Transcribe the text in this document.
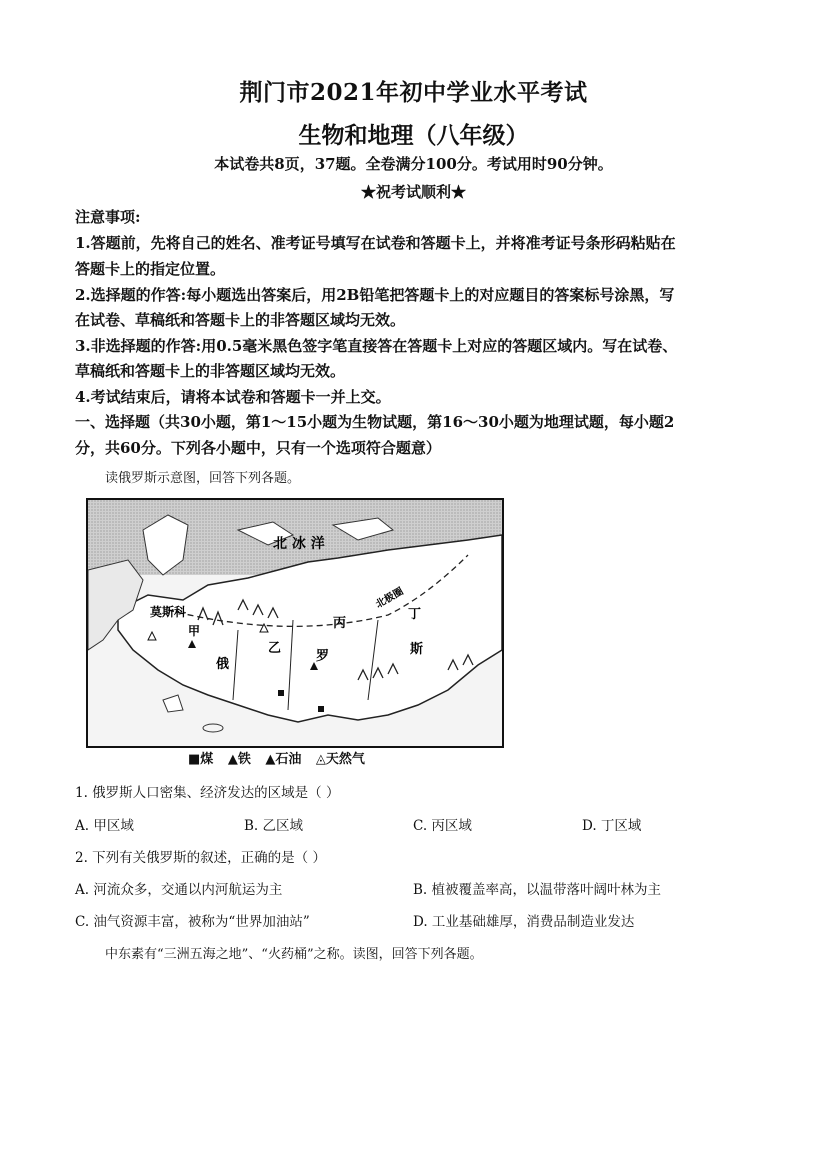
荆门市2021年初中学业水平考试
生物和地理（八年级）
本试卷共8页，37题。全卷满分100分。考试用时90分钟。
★祝考试顺利★
注意事项:
1.答题前，先将自己的姓名、准考证号填写在试卷和答题卡上，并将准考证号条形码粘贴在
答题卡上的指定位置。
2.选择题的作答:每小题选出答案后，用2B铅笔把答题卡上的对应题目的答案标号涂黑，写
在试卷、草稿纸和答题卡上的非答题区域均无效。
3.非选择题的作答:用0.5毫米黑色签字笔直接答在答题卡上对应的答题区域内。写在试卷、
草稿纸和答题卡上的非答题区域均无效。
4.考试结束后，请将本试卷和答题卡一并上交。
一、选择题（共30小题，第1～15小题为生物试题，第16～30小题为地理试题，每小题2
分，共60分。下列各小题中，只有一个选项符合题意）
读俄罗斯示意图，回答下列各题。
北 冰 洋
莫斯科
甲
乙
丙
丁
俄
罗	斯
北极圈
■煤 ▲铁 ▲石油 ◬天然气
1. 俄罗斯人口密集、经济发达的区域是（ ）
A. 甲区域	B. 乙区域	C. 丙区域	D. 丁区域
2. 下列有关俄罗斯的叙述，正确的是（ ）
A. 河流众多，交通以内河航运为主	B. 植被覆盖率高，以温带落叶阔叶林为主
C. 油气资源丰富，被称为“世界加油站”	D. 工业基础雄厚，消费品制造业发达
中东素有“三洲五海之地”、“火药桶”之称。读图，回答下列各题。
